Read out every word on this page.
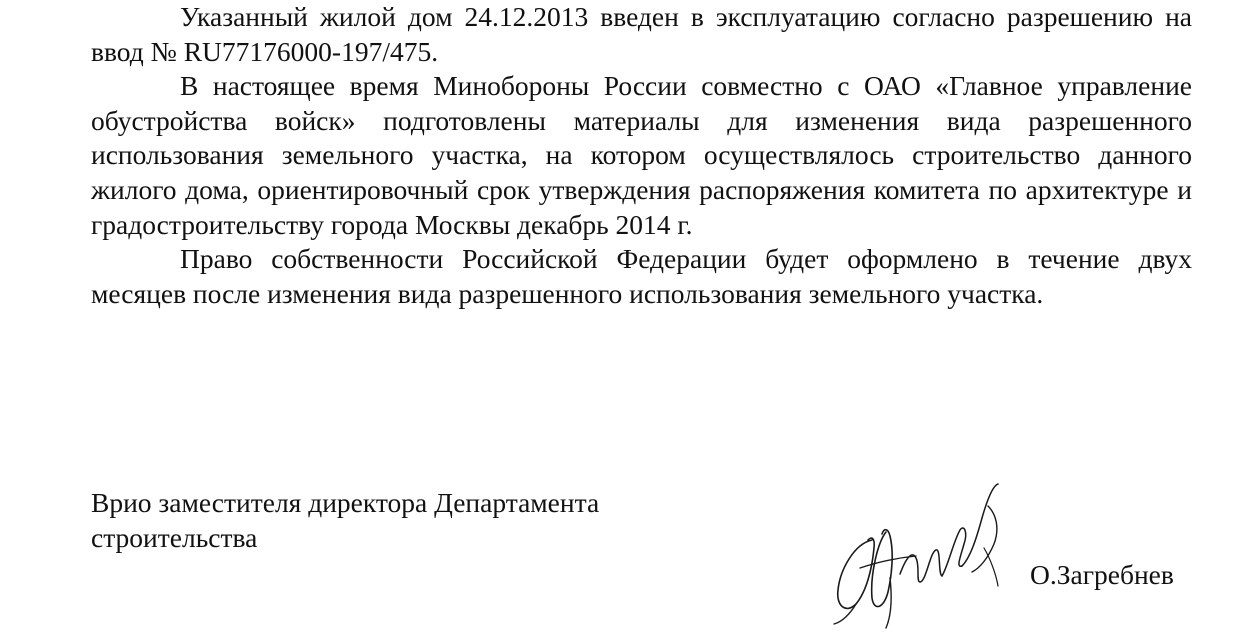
Указанный жилой дом 24.12.2013 введен в эксплуатацию согласно разрешению на ввод № RU77176000-197/475.

В настоящее время Минобороны России совместно с ОАО «Главное управление обустройства войск» подготовлены материалы для изменения вида разрешенного использования земельного участка, на котором осуществлялось строительство данного жилого дома, ориентировочный срок утверждения распоряжения комитета по архитектуре и градостроительству города Москвы декабрь 2014 г.

Право собственности Российской Федерации будет оформлено в течение двух месяцев после изменения вида разрешенного использования земельного участка.

Врио заместителя директора Департамента
строительства
О.Загребнев
